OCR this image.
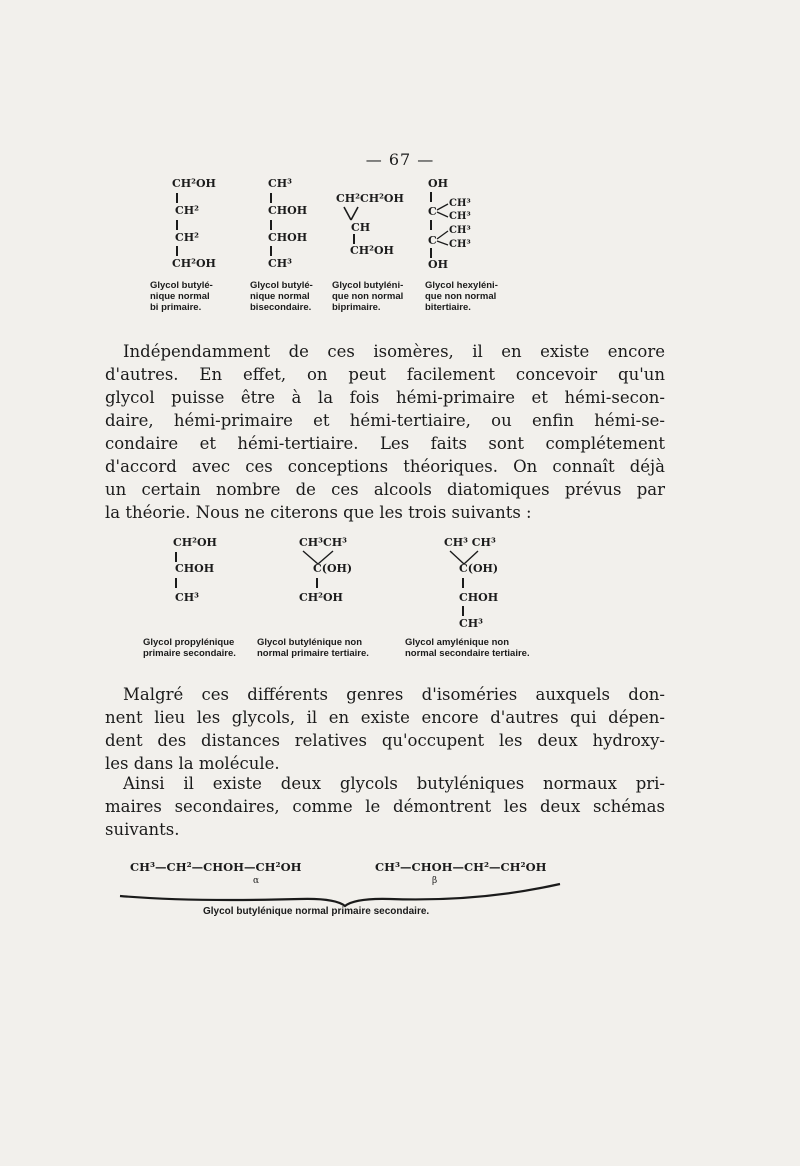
— 67 —
CH²OH
CH²
CH²
CH²OH
CH³
CHOH
CHOH
CH³
CH²CH²OH
CH
CH²OH
OH
C
CH³
CH³
C
CH³
CH³
OH
Glycol butylé-
nique normal
bi primaire.
Glycol butylé-
nique normal
bisecondaire.
Glycol butyléni-
que non normal
biprimaire.
Glycol hexyléni-
que non normal
bitertiaire.
Indépendamment de ces isomères, il en existe encore
d'autres. En effet, on peut facilement concevoir qu'un
glycol puisse être à la fois hémi-primaire et hémi-secon-
daire, hémi-primaire et hémi-tertiaire, ou enfin hémi-se-
condaire et hémi-tertiaire. Les faits sont complétement
d'accord avec ces conceptions théoriques. On connaît déjà
un certain nombre de ces alcools diatomiques prévus par
la théorie. Nous ne citerons que les trois suivants :
CH²OH
CHOH
CH³
CH³CH³
C(OH)
CH²OH
CH³ CH³
C(OH)
CHOH
CH³
Glycol propylénique
primaire secondaire.
Glycol butylénique non
normal primaire tertiaire.
Glycol amylénique non
normal secondaire tertiaire.
Malgré ces différents genres d'isoméries auxquels don-
nent lieu les glycols, il en existe encore d'autres qui dépen-
dent des distances relatives qu'occupent les deux hydroxy-
les dans la molécule.
Ainsi il existe deux glycols butyléniques normaux pri-
maires secondaires, comme le démontrent les deux schémas
suivants.
CH³—CH²—CHOH—CH²OH	CH³—CHOH—CH²—CH²OH
α	β
Glycol butylénique normal primaire secondaire.
